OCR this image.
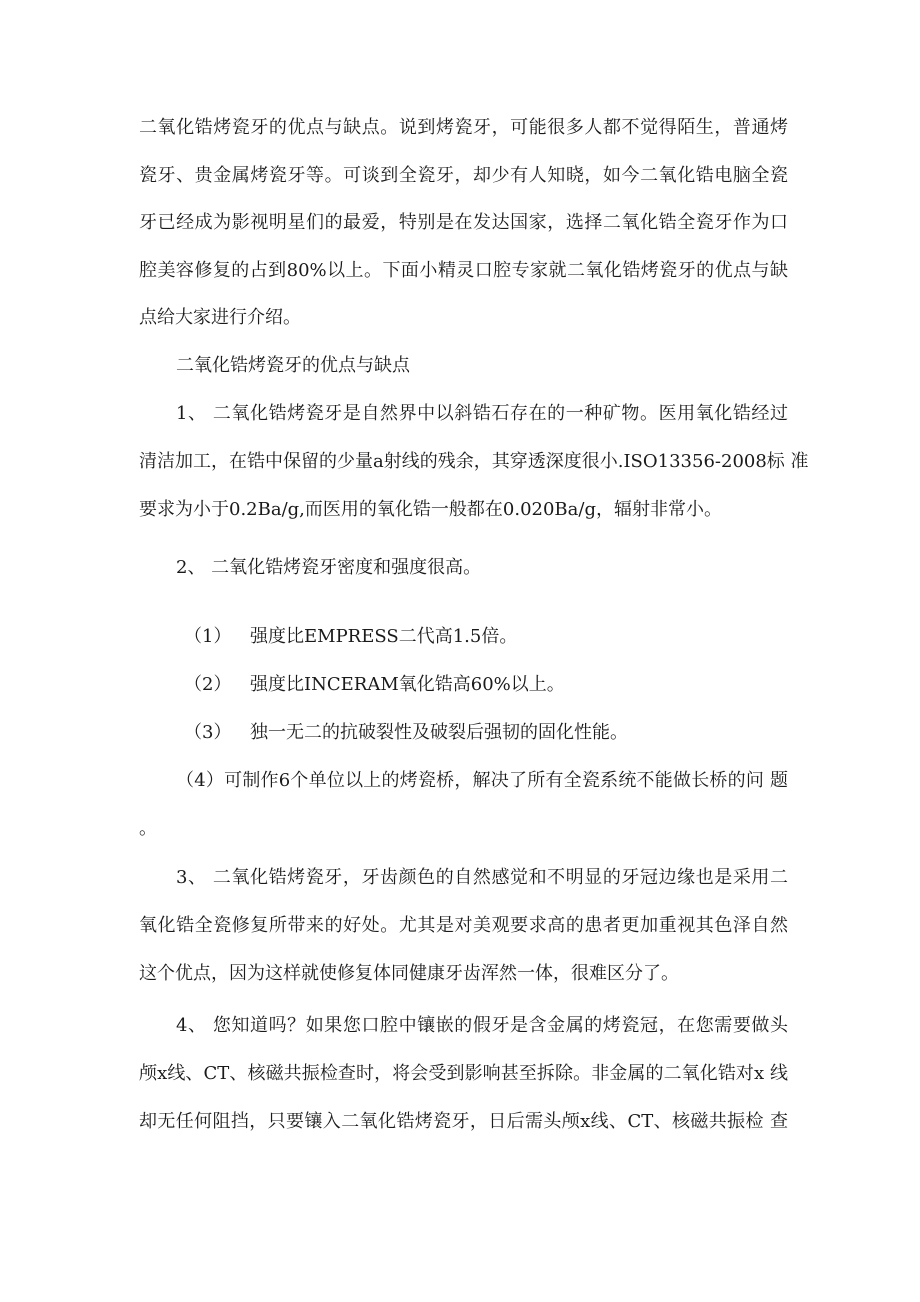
二氧化锆烤瓷牙的优点与缺点。说到烤瓷牙，可能很多人都不觉得陌生，普通烤
瓷牙、贵金属烤瓷牙等。可谈到全瓷牙，却少有人知晓，如今二氧化锆电脑全瓷
牙已经成为影视明星们的最爱，特别是在发达国家，选择二氧化锆全瓷牙作为口
腔美容修复的占到80%以上。下面小精灵口腔专家就二氧化锆烤瓷牙的优点与缺
点给大家进行介绍。
二氧化锆烤瓷牙的优点与缺点
1、 二氧化锆烤瓷牙是自然界中以斜锆石存在的一种矿物。医用氧化锆经过
清洁加工，在锆中保留的少量a射线的残余，其穿透深度很小.ISO13356-2008标 准
要求为小于0.2Ba/g,而医用的氧化锆一般都在0.020Ba/g，辐射非常小。
2、 二氧化锆烤瓷牙密度和强度很高。
（1）	强度比EMPRESS二代高1.5倍。
（2）	强度比INCERAM氧化锆高60%以上。
（3）	独一无二的抗破裂性及破裂后强韧的固化性能。
（4）可制作6个单位以上的烤瓷桥，解决了所有全瓷系统不能做长桥的问 题
。
3、 二氧化锆烤瓷牙，牙齿颜色的自然感觉和不明显的牙冠边缘也是采用二
氧化锆全瓷修复所带来的好处。尤其是对美观要求高的患者更加重视其色泽自然
这个优点，因为这样就使修复体同健康牙齿浑然一体，很难区分了。
4、 您知道吗？如果您口腔中镶嵌的假牙是含金属的烤瓷冠，在您需要做头
颅x线、CT、核磁共振检查时，将会受到影响甚至拆除。非金属的二氧化锆对x 线
却无任何阻挡，只要镶入二氧化锆烤瓷牙，日后需头颅x线、CT、核磁共振检 查
